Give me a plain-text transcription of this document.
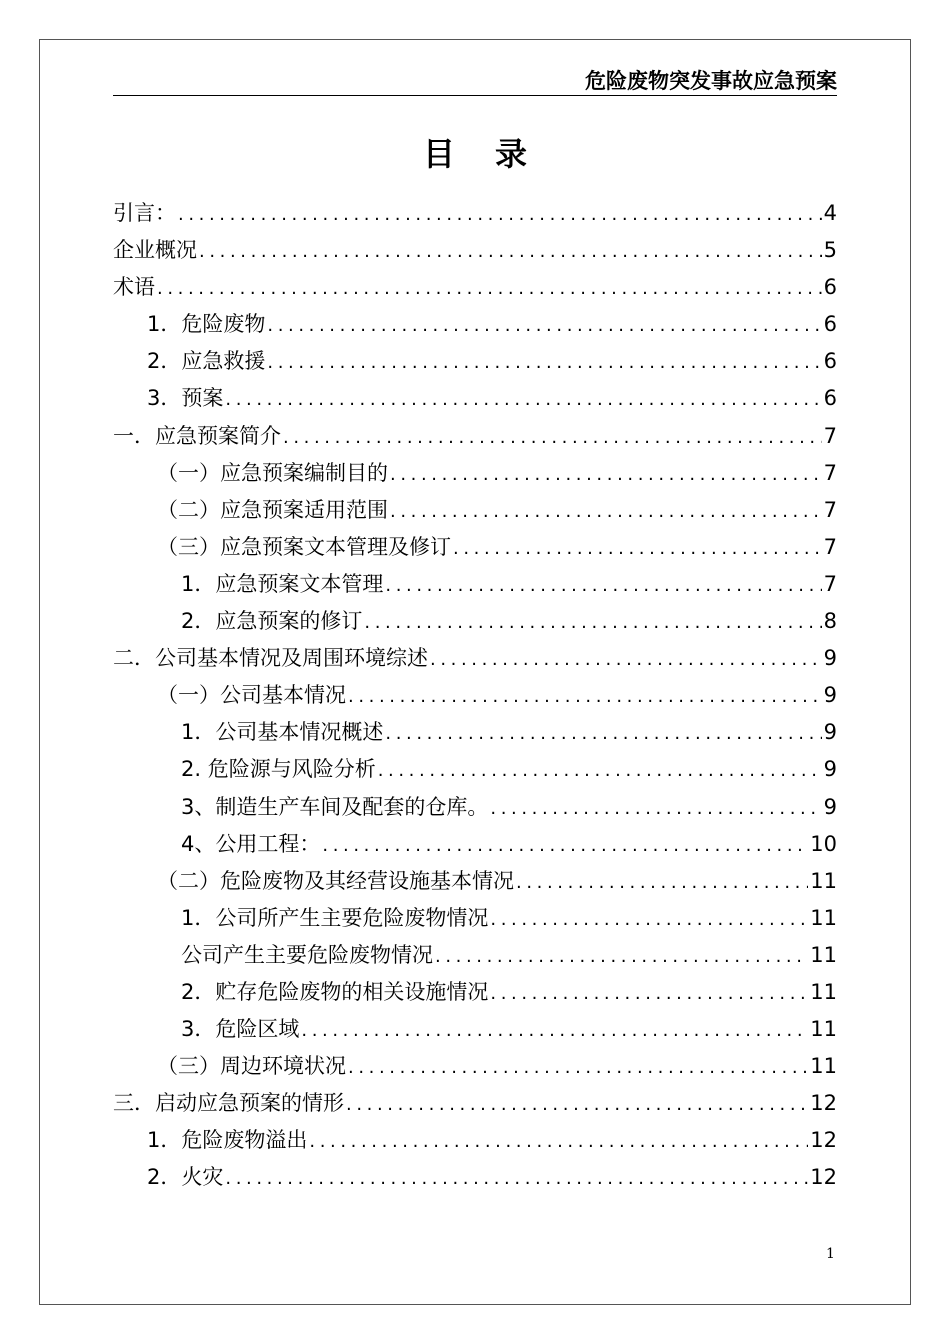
危险废物突发事故应急预案
目录
引言： .....	4
企业概况 .....	5
术语 .....	6
1．危险废物 .....	6
2．应急救援 .....	6
3．预案 .....	6
一．应急预案简介 .....	7
（一）应急预案编制目的 .....	7
（二）应急预案适用范围 .....	7
（三）应急预案文本管理及修订 .....	7
1．应急预案文本管理 .....	7
2．应急预案的修订 .....	8
二．公司基本情况及周围环境综述 .....	9
（一）公司基本情况 .....	9
1．公司基本情况概述 .....	9
2. 危险源与风险分析 .....	9
3、制造生产车间及配套的仓库。 .....	9
4、公用工程： .....	10
（二）危险废物及其经营设施基本情况 .....	11
1．公司所产生主要危险废物情况 .....	11
公司产生主要危险废物情况 .....	11
2．贮存危险废物的相关设施情况 .....	11
3．危险区域 .....	11
（三）周边环境状况 .....	11
三．启动应急预案的情形 .....	12
1．危险废物溢出 .....	12
2．火灾 .....	12
1
